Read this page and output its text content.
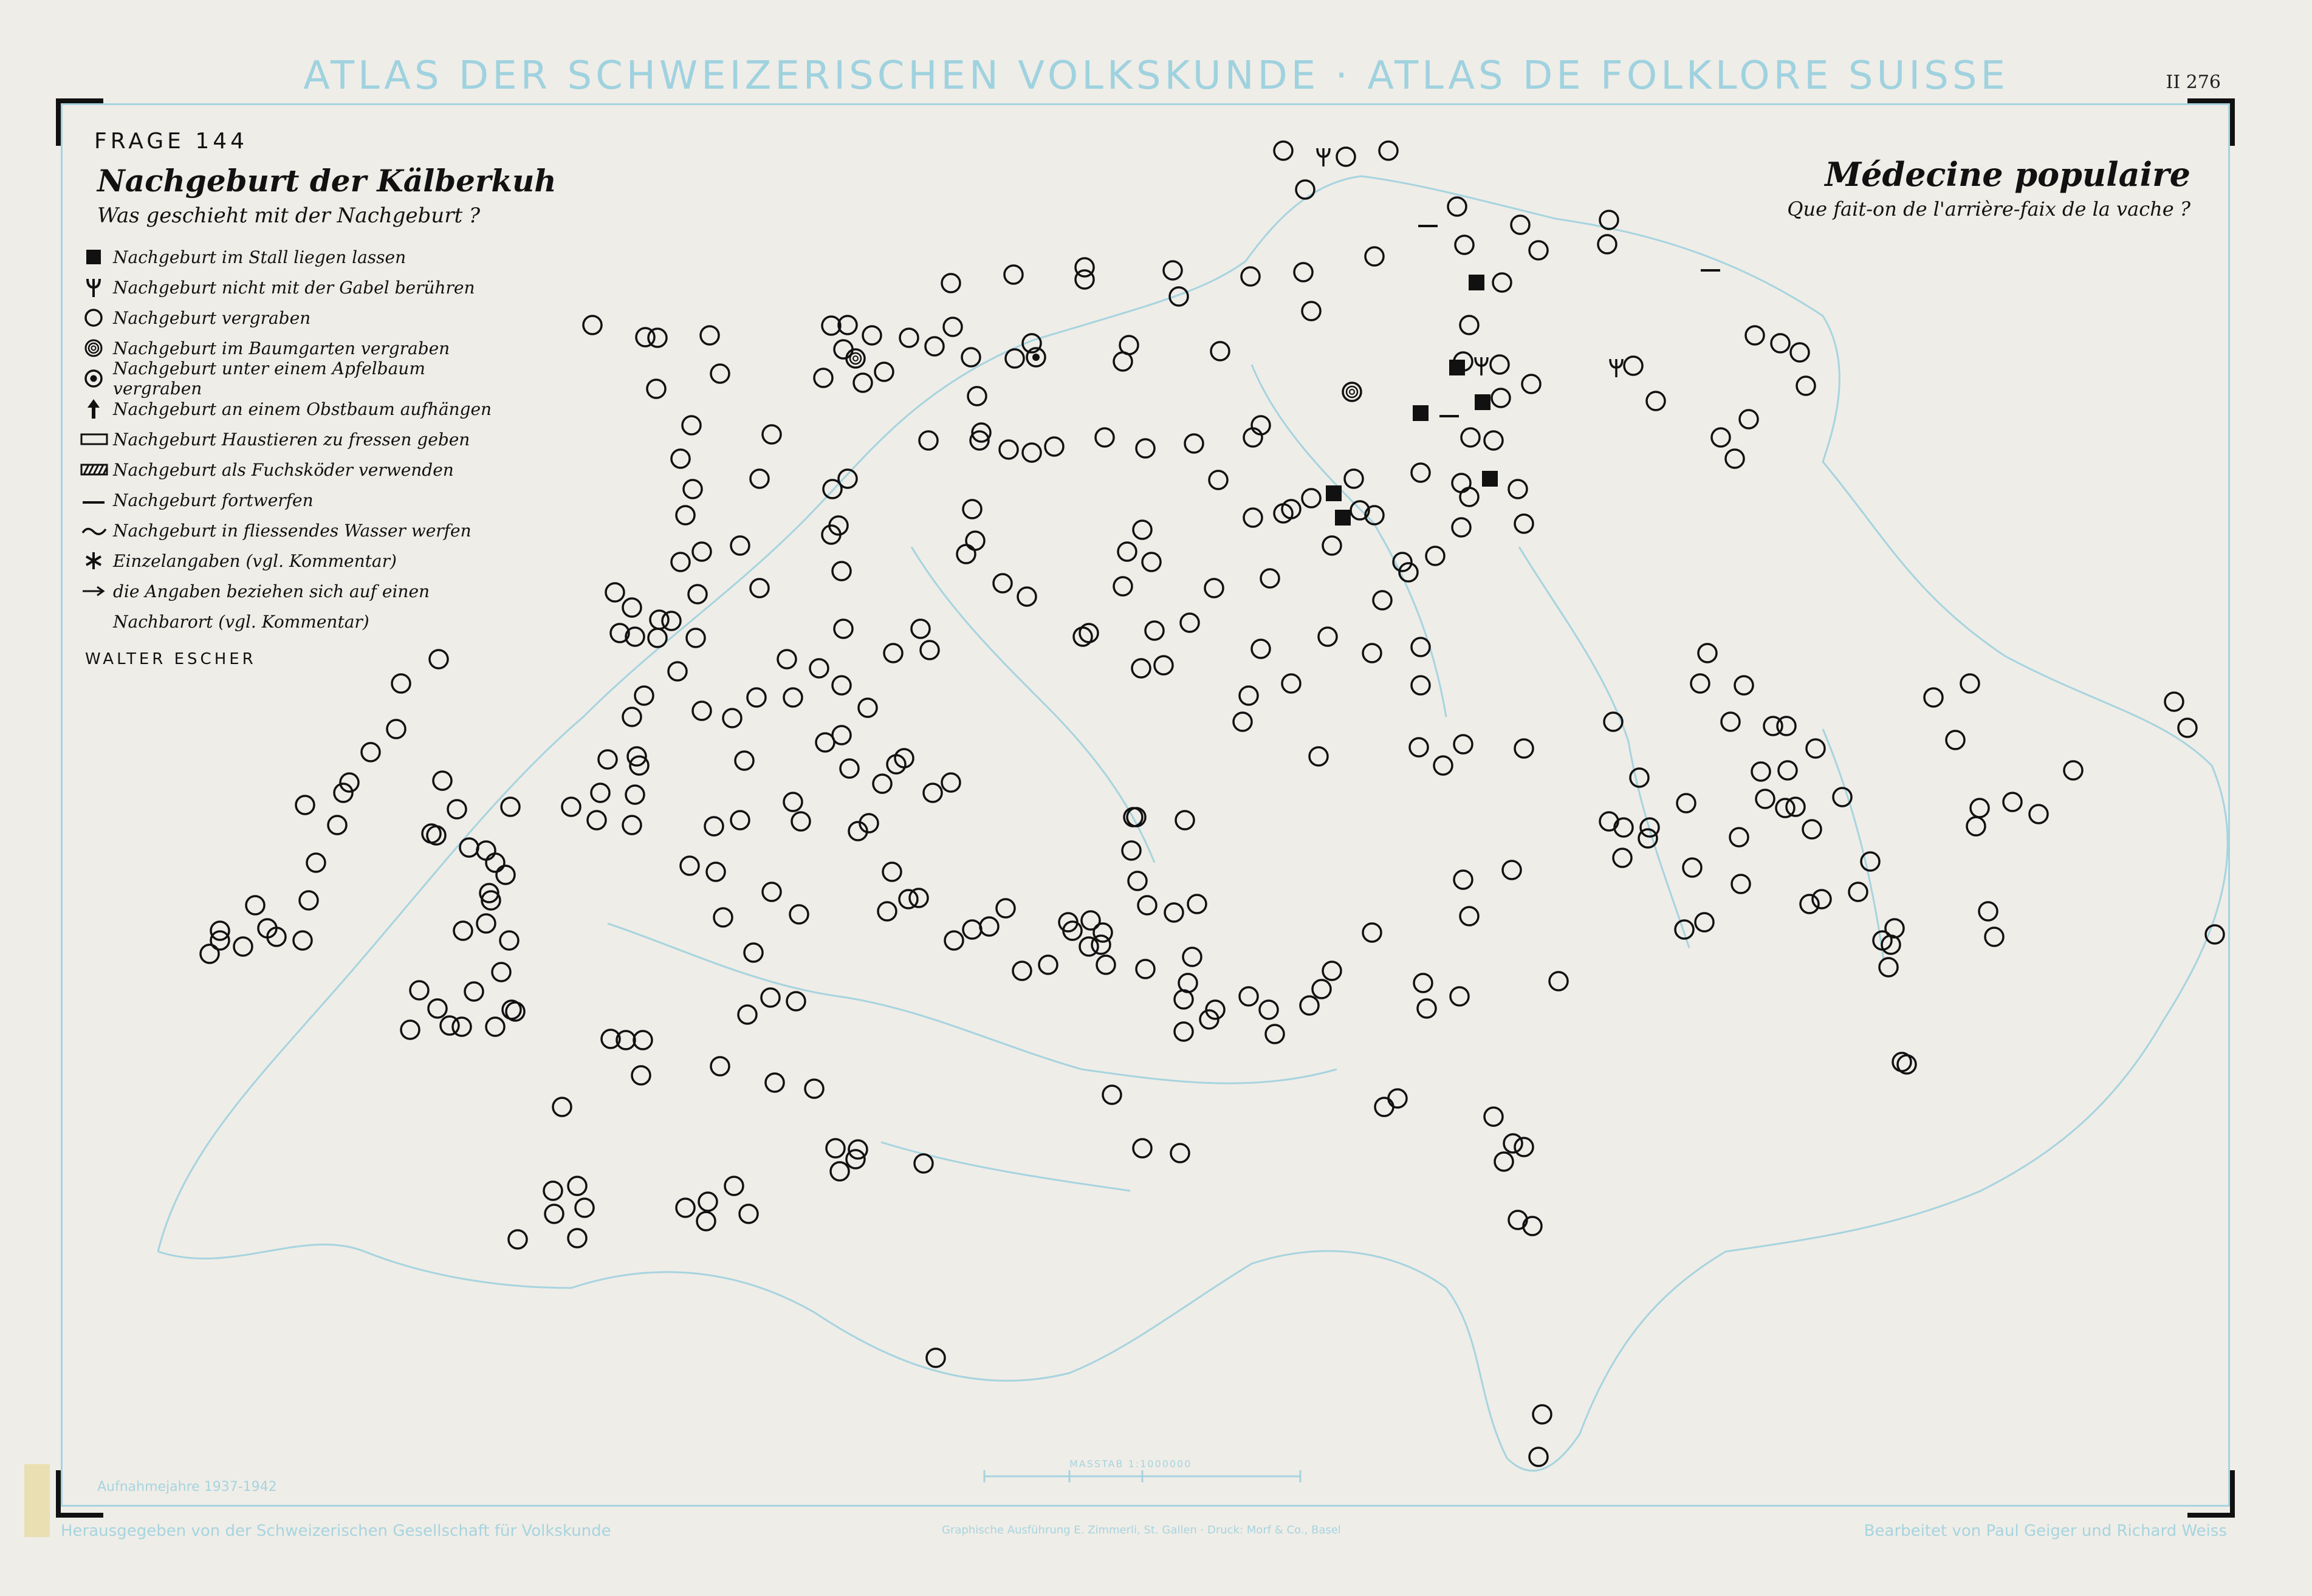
ATLAS DER SCHWEIZERISCHEN VOLKSKUNDE · ATLAS DE FOLKLORE SUISSE	II 276
FRAGE 144
Nachgeburt der Kälberkuh
Was geschieht mit der Nachgeburt ?
Médecine populaire
Que fait-on de l'arrière-faix de la vache ?
Nachgeburt im Stall liegen lassen
Nachgeburt nicht mit der Gabel berühren
Nachgeburt vergraben
Nachgeburt im Baumgarten vergraben
Nachgeburt unter einem Apfelbaum vergraben
Nachgeburt an einem Obstbaum aufhängen
Nachgeburt Haustieren zu fressen geben
Nachgeburt als Fuchsköder verwenden
Nachgeburt fortwerfen
Nachgeburt in fliessendes Wasser werfen
Einzelangaben (vgl. Kommentar)
die Angaben beziehen sich auf einen
Nachbarort (vgl. Kommentar)
WALTER ESCHER
MASSTAB 1:1000000
Aufnahmejahre 1937-1942
Herausgegeben von der Schweizerischen Gesellschaft für Volkskunde	Graphische Ausführung E. Zimmerli, St. Gallen · Druck: Morf & Co., Basel	Bearbeitet von Paul Geiger und Richard Weiss
